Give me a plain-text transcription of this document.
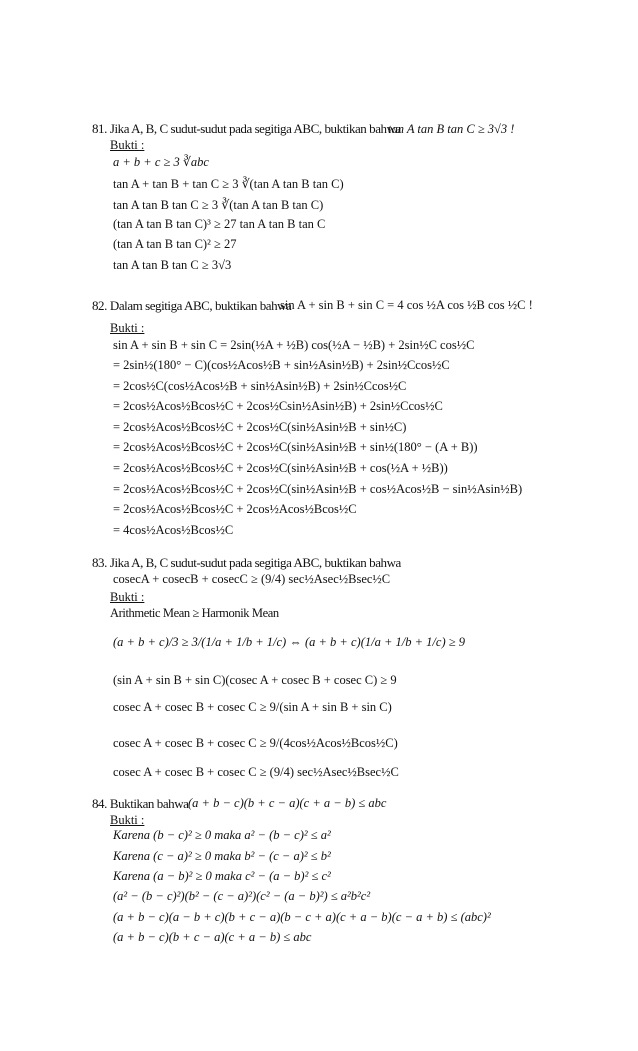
81. Jika A, B, C sudut-sudut pada segitiga ABC, buktikan bahwa
tan A tan B tan C ≥ 3√3 !
Bukti :
a + b + c ≥ 3 ∛abc
tan A + tan B + tan C ≥ 3 ∛(tan A tan B tan C)
tan A tan B tan C ≥ 3 ∛(tan A tan B tan C)
(tan A tan B tan C)³ ≥ 27 tan A tan B tan C
(tan A tan B tan C)² ≥ 27
tan A tan B tan C ≥ 3√3
82. Dalam segitiga ABC, buktikan bahwa
sin A + sin B + sin C = 4 cos ½A cos ½B cos ½C !
Bukti :
sin A + sin B + sin C = 2sin(½A + ½B) cos(½A − ½B) + 2sin½C cos½C
= 2sin½(180° − C)(cos½Acos½B + sin½Asin½B) + 2sin½Ccos½C
= 2cos½C(cos½Acos½B + sin½Asin½B) + 2sin½Ccos½C
= 2cos½Acos½Bcos½C + 2cos½Csin½Asin½B) + 2sin½Ccos½C
= 2cos½Acos½Bcos½C + 2cos½C(sin½Asin½B + sin½C)
= 2cos½Acos½Bcos½C + 2cos½C(sin½Asin½B + sin½(180° − (A + B))
= 2cos½Acos½Bcos½C + 2cos½C(sin½Asin½B + cos(½A + ½B))
= 2cos½Acos½Bcos½C + 2cos½C(sin½Asin½B + cos½Acos½B − sin½Asin½B)
= 2cos½Acos½Bcos½C + 2cos½Acos½Bcos½C
= 4cos½Acos½Bcos½C
83. Jika A, B, C sudut-sudut pada segitiga ABC, buktikan bahwa
cosecA + cosecB + cosecC ≥ (9/4) sec½Asec½Bsec½C
Bukti :
Arithmetic Mean ≥ Harmonik Mean
(a + b + c)/3 ≥ 3/(1/a + 1/b + 1/c) ⇔ (a + b + c)(1/a + 1/b + 1/c) ≥ 9
(sin A + sin B + sin C)(cosec A + cosec B + cosec C) ≥ 9
cosec A + cosec B + cosec C ≥ 9/(sin A + sin B + sin C)
cosec A + cosec B + cosec C ≥ 9/(4cos½Acos½Bcos½C)
cosec A + cosec B + cosec C ≥ (9/4) sec½Asec½Bsec½C
84. Buktikan bahwa (a + b − c)(b + c − a)(c + a − b) ≤ abc
Bukti :
Karena (b − c)² ≥ 0 maka a² − (b − c)² ≤ a²
Karena (c − a)² ≥ 0 maka b² − (c − a)² ≤ b²
Karena (a − b)² ≥ 0 maka c² − (a − b)² ≤ c²
(a² − (b − c)²)(b² − (c − a)²)(c² − (a − b)²) ≤ a²b²c²
(a + b − c)(a − b + c)(b + c − a)(b − c + a)(c + a − b)(c − a + b) ≤ (abc)²
(a + b − c)(b + c − a)(c + a − b) ≤ abc
